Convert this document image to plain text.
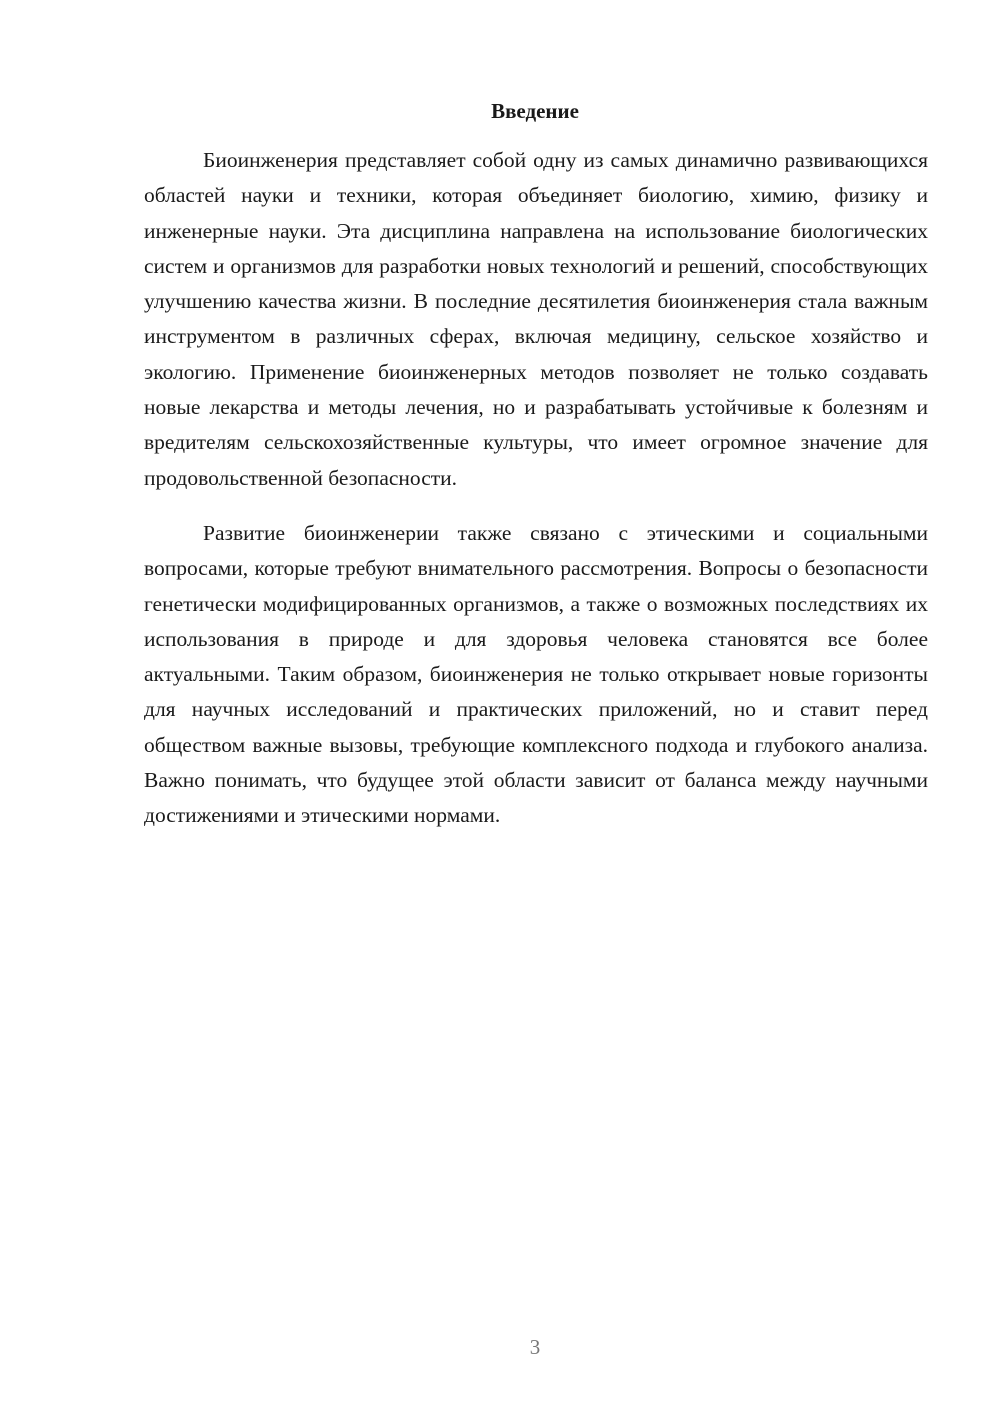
Введение

Биоинженерия представляет собой одну из самых динамично развивающихся областей науки и техники, которая объединяет биологию, химию, физику и инженерные науки. Эта дисциплина направлена на использование биологических систем и организмов для разработки новых технологий и решений, способствующих улучшению качества жизни. В последние десятилетия биоинженерия стала важным инструментом в различных сферах, включая медицину, сельское хозяйство и экологию. Применение биоинженерных методов позволяет не только создавать новые лекарства и методы лечения, но и разрабатывать устойчивые к болезням и вредителям сельскохозяйственные культуры, что имеет огромное значение для продовольственной безопасности.

Развитие биоинженерии также связано с этическими и социальными вопросами, которые требуют внимательного рассмотрения. Вопросы о безопасности генетически модифицированных организмов, а также о возможных последствиях их использования в природе и для здоровья человека становятся все более актуальными. Таким образом, биоинженерия не только открывает новые горизонты для научных исследований и практических приложений, но и ставит перед обществом важные вызовы, требующие комплексного подхода и глубокого анализа. Важно понимать, что будущее этой области зависит от баланса между научными достижениями и этическими нормами.

3
